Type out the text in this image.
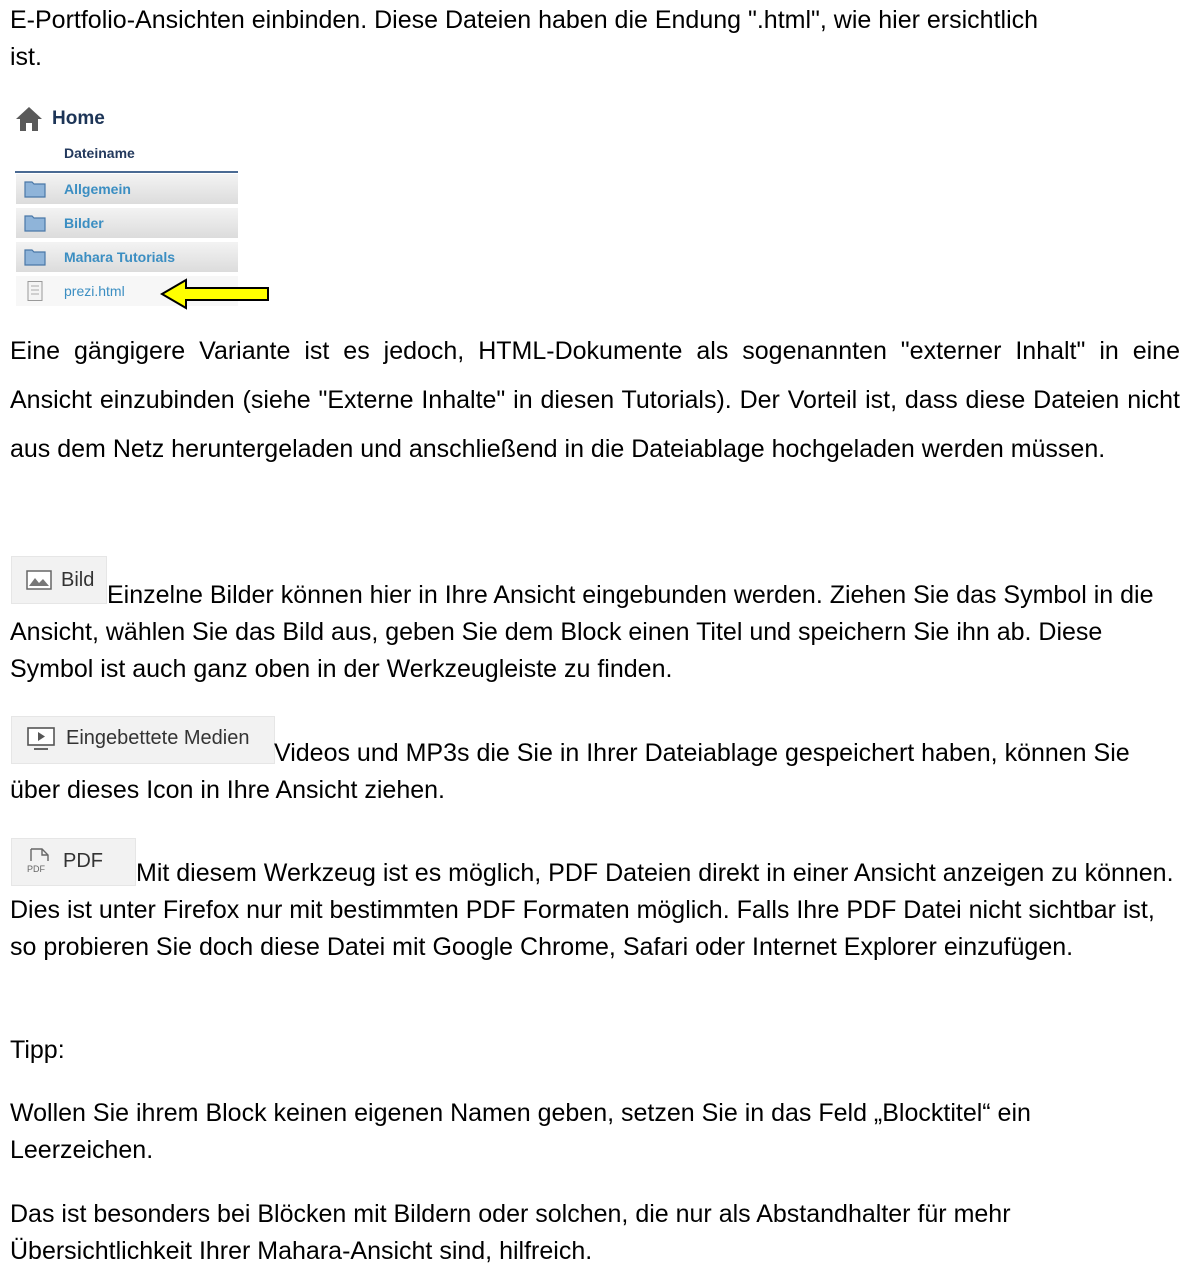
E-Portfolio-Ansichten einbinden. Diese Dateien haben die Endung ".html", wie hier ersichtlich

ist.

Home
Dateiname
Allgemein
Bilder
Mahara Tutorials
prezi.html

Eine gängigere Variante ist es jedoch, HTML-Dokumente als sogenannten "externer Inhalt" in eine Ansicht einzubinden (siehe "Externe Inhalte" in diesen Tutorials). Der Vorteil ist, dass diese Dateien nicht aus dem Netz heruntergeladen und anschließend in die Dateiablage hochgeladen werden müssen.

Bild

Einzelne Bilder können hier in Ihre Ansicht eingebunden werden. Ziehen Sie das Symbol in die Ansicht, wählen Sie das Bild aus, geben Sie dem Block einen Titel und speichern Sie ihn ab. Diese Symbol ist auch ganz oben in der Werkzeugleiste zu finden.

Eingebettete Medien

Videos und MP3s die Sie in Ihrer Dateiablage gespeichert haben, können Sie über dieses Icon in Ihre Ansicht ziehen.

PDF PDF	Mit diesem Werkzeug ist es möglich, PDF Dateien direkt in einer Ansicht anzeigen zu können. Dies ist unter Firefox nur mit bestimmten PDF Formaten möglich. Falls Ihre PDF Datei nicht sichtbar ist, so probieren Sie doch diese Datei mit Google Chrome, Safari oder Internet Explorer einzufügen.

Tipp:

Wollen Sie ihrem Block keinen eigenen Namen geben, setzen Sie in das Feld „Blocktitel“ ein Leerzeichen.

Das ist besonders bei Blöcken mit Bildern oder solchen, die nur als Abstandhalter für mehr Übersichtlichkeit Ihrer Mahara-Ansicht sind, hilfreich.
